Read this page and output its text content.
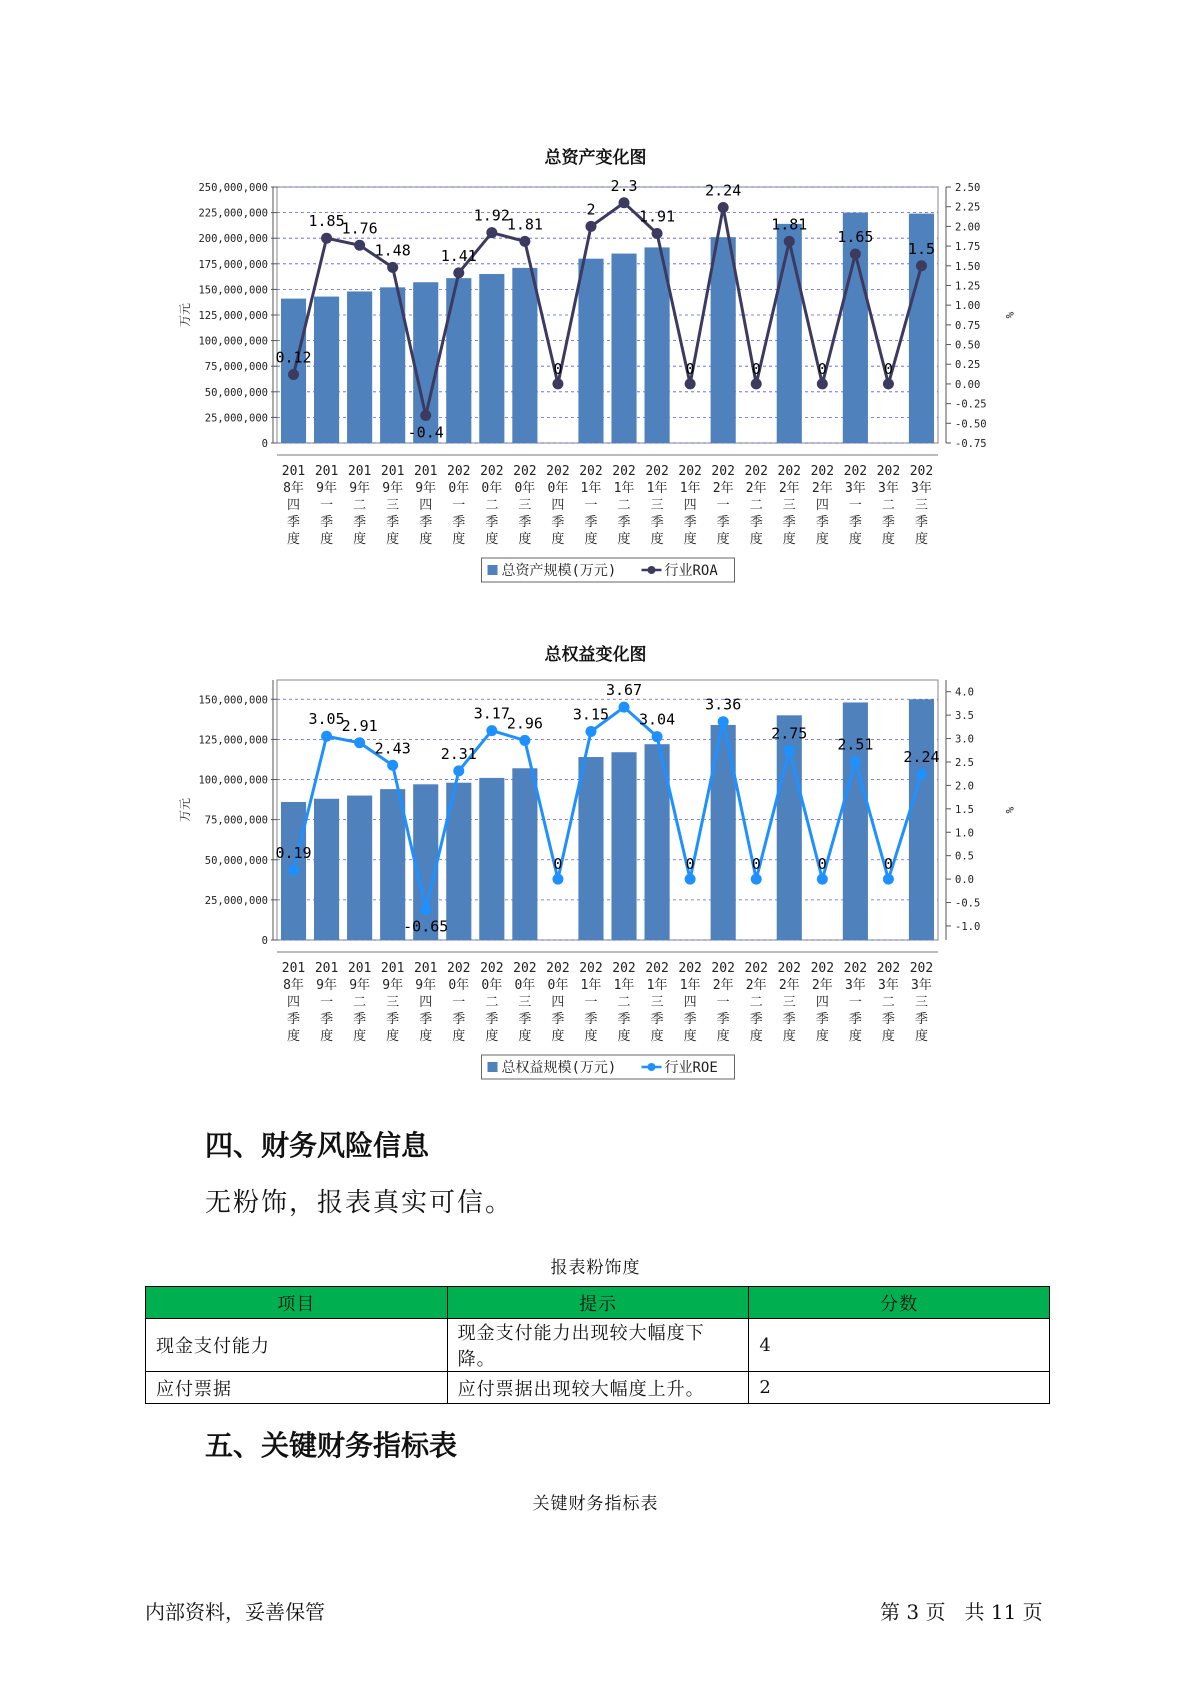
总资产变化图
0
25,000,000
50,000,000
75,000,000
100,000,000
125,000,000
150,000,000
175,000,000
200,000,000
225,000,000
250,000,000
-0.75
-0.50
-0.25
0.00
0.25
0.50
0.75
1.00
1.25
1.50
1.75
2.00
2.25
2.50
万元	%
0.12
1.85
1.76
1.48
-0.4
1.41
1.92
1.81
0
2
2.3
1.91
0
2.24
0
1.81
0
1.65
0
1.5
201
8年
四
季
度
201
9年
一
季
度
201
9年
二
季
度
201
9年
三
季
度
201
9年
四
季
度
202
0年
一
季
度
202
0年
二
季
度
202
0年
三
季
度
202
0年
四
季
度
202
1年
一
季
度
202
1年
二
季
度
202
1年
三
季
度
202
1年
四
季
度
202
2年
一
季
度
202
2年
二
季
度
202
2年
三
季
度
202
2年
四
季
度
202
3年
一
季
度
202
3年
二
季
度
202
3年
三
季
度
总资产规模(万元)	行业ROA
总权益变化图
0
25,000,000
50,000,000
75,000,000
100,000,000
125,000,000
150,000,000
-1.0
-0.5
0.0
0.5
1.0
1.5
2.0
2.5
3.0
3.5
4.0
万元	%
0.19
3.05
2.91
2.43
-0.65
2.31
3.17
2.96
0
3.15
3.67
3.04
0
3.36
0
2.75
0
2.51
0
2.24
201
8年
四
季
度
201
9年
一
季
度
201
9年
二
季
度
201
9年
三
季
度
201
9年
四
季
度
202
0年
一
季
度
202
0年
二
季
度
202
0年
三
季
度
202
0年
四
季
度
202
1年
一
季
度
202
1年
二
季
度
202
1年
三
季
度
202
1年
四
季
度
202
2年
一
季
度
202
2年
二
季
度
202
2年
三
季
度
202
2年
四
季
度
202
3年
一
季
度
202
3年
二
季
度
202
3年
三
季
度
总权益规模(万元)	行业ROE
四、财务风险信息
无粉饰，报表真实可信。
报表粉饰度
项目	提示	分数
现金支付能力	现金支付能力出现较大幅度下降。	4
应付票据	应付票据出现较大幅度上升。	2
五、关键财务指标表
关键财务指标表
内部资料，妥善保管	第 3 页   共 11 页
